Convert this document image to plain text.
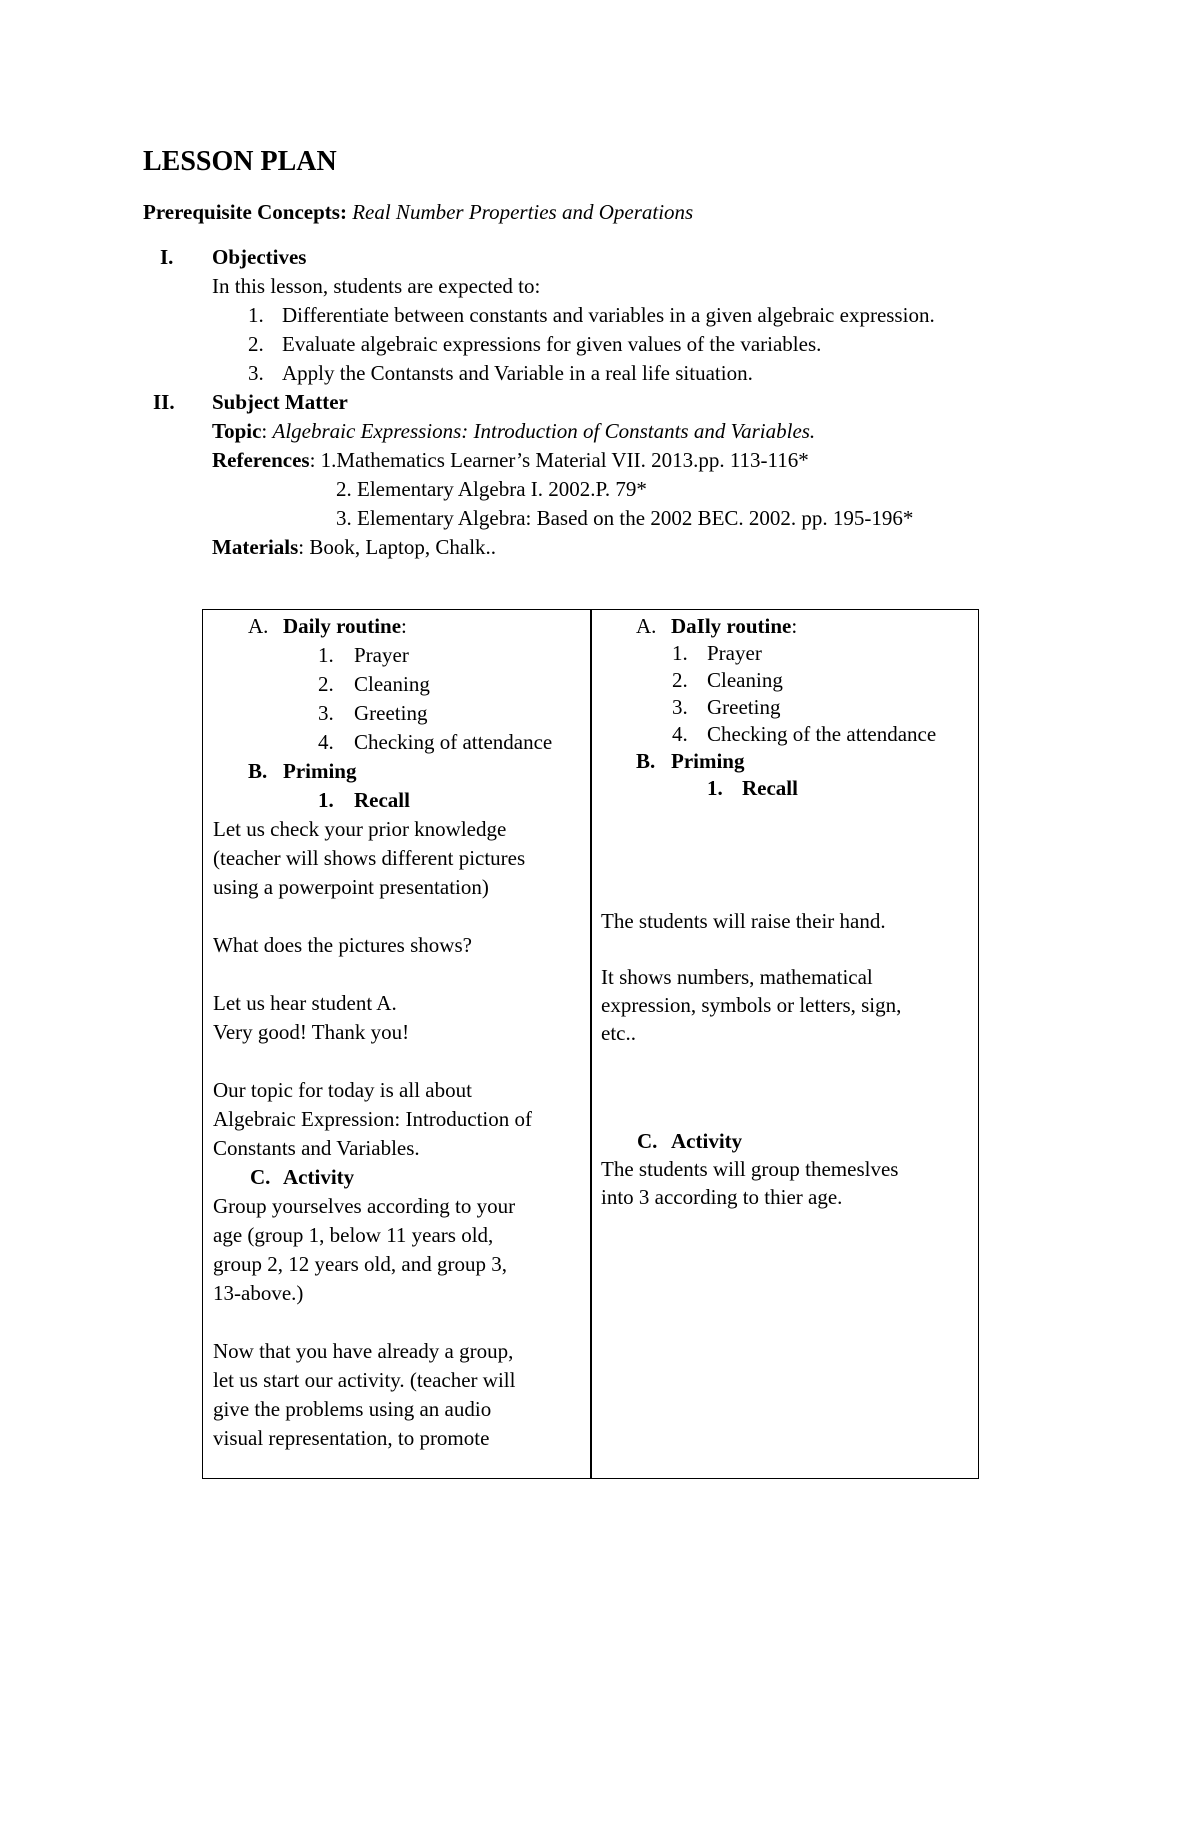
LESSON PLAN
Prerequisite Concepts: Real Number Properties and Operations
I. Objectives
In this lesson, students are expected to:
1. Differentiate between constants and variables in a given algebraic expression.
2. Evaluate algebraic expressions for given values of the variables.
3. Apply the Contansts and Variable in a real life situation.
II. Subject Matter
Topic: Algebraic Expressions: Introduction of Constants and Variables.
References: 1.Mathematics Learner’s Material VII. 2013.pp. 113-116*
2. Elementary Algebra I. 2002.P. 79*
3. Elementary Algebra: Based on the 2002 BEC. 2002. pp. 195-196*
Materials: Book, Laptop, Chalk..
A. Daily routine:
1. Prayer
2. Cleaning
3. Greeting
4. Checking of attendance
B. Priming
1. Recall
Let us check your prior knowledge
(teacher will shows different pictures
using a powerpoint presentation)
What does the pictures shows?
Let us hear student A.
Very good! Thank you!
Our topic for today is all about
Algebraic Expression: Introduction of
Constants and Variables.
C. Activity
Group yourselves according to your
age (group 1, below 11 years old,
group 2, 12 years old, and group 3,
13-above.)
Now that you have already a group,
let us start our activity. (teacher will
give the problems using an audio
visual representation, to promote
A. DaIly routine:
1. Prayer
2. Cleaning
3. Greeting
4. Checking of the attendance
B. Priming
1. Recall
The students will raise their hand.
It shows numbers, mathematical
expression, symbols or letters, sign,
etc..
C. Activity
The students will group themeslves
into 3 according to thier age.
